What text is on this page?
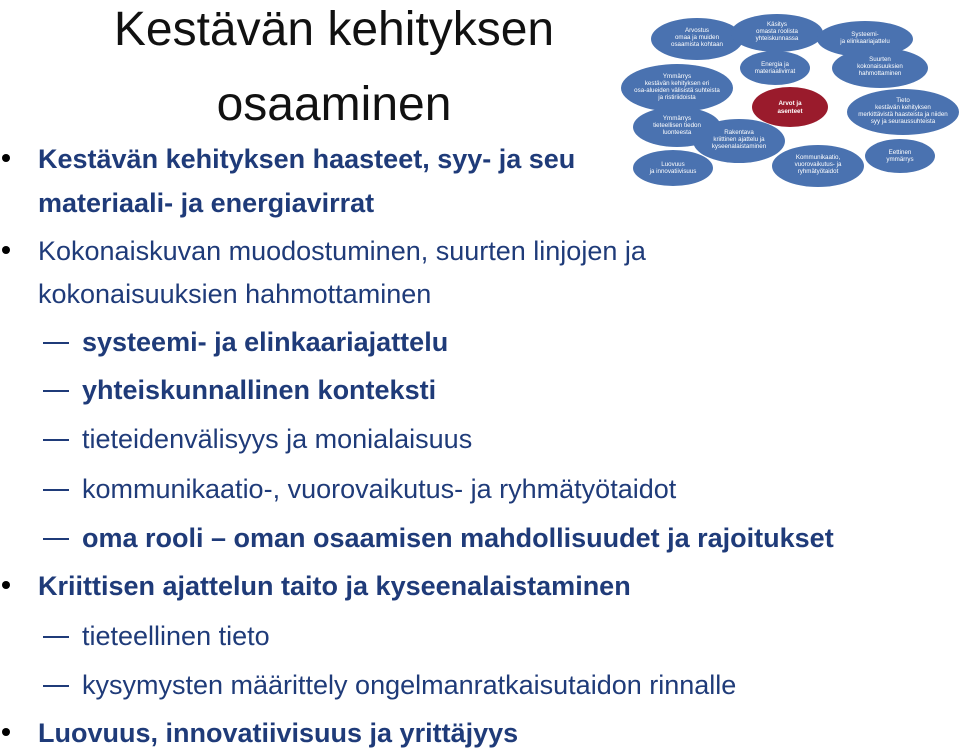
Kestävän kehityksen
osaaminen
Arvostus omaa ja muiden osaamista kohtaan
Käsitys omasta roolista yhteiskunnassa
Systeemi-ja elinkaariajattelu
Ymmärrys kestävän kehityksen eri osa-alueiden välisistä suhteista ja ristiriidoista
Energia ja materiaalivirrat
Suurten kokonaisuuksien hahmottaminen
Ymmärrys tieteellisen tiedon luonteesta
Tieto kestävän kehityksen merkittävistä haasteista ja niiden syy ja seuraussuhteista
Rakentava kriittinen ajattelu ja kyseenalaistaminen
Luovuus ja innovatiivisuus
Kommunikaatio, vuorovaikutus- ja ryhmätyötaidot
Eettinen ymmärrys
Arvot ja asenteet
Kestävän kehityksen haasteet, syy- ja seu
materiaali- ja energiavirrat
Kokonaiskuvan muodostuminen, suurten linjojen ja
kokonaisuuksien hahmottaminen
systeemi- ja elinkaariajattelu
yhteiskunnallinen konteksti
tieteidenvälisyys ja monialaisuus
kommunikaatio-, vuorovaikutus- ja ryhmätyötaidot
oma rooli – oman osaamisen mahdollisuudet ja rajoitukset
Kriittisen ajattelun taito ja kyseenalaistaminen
tieteellinen tieto
kysymysten määrittely ongelmanratkaisutaidon rinnalle
Luovuus, innovatiivisuus ja yrittäjyys
